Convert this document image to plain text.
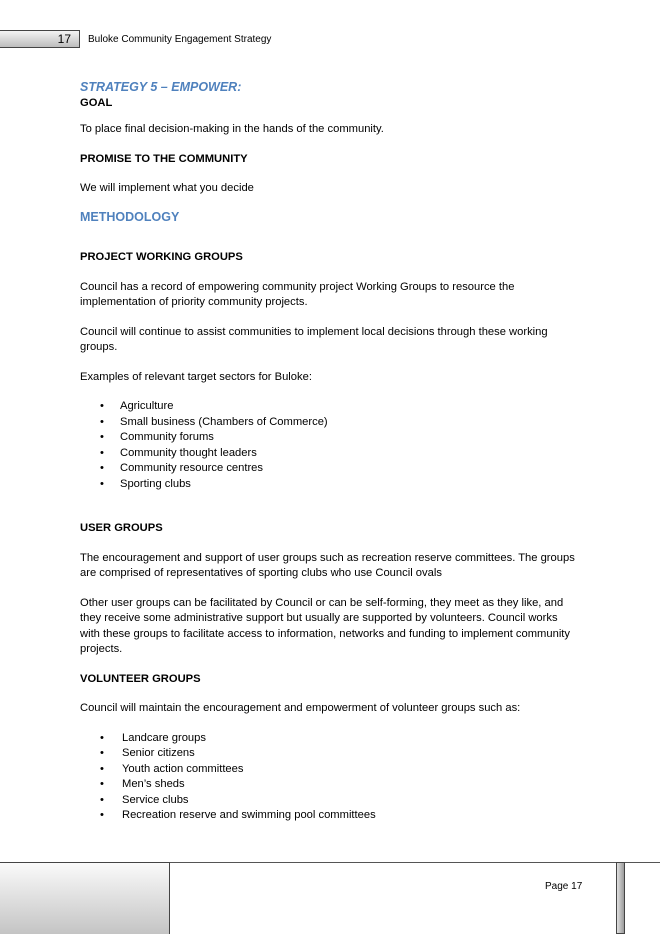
17 Buloke Community Engagement Strategy

STRATEGY 5 – EMPOWER:

GOAL

To place final decision-making in the hands of the community.

PROMISE TO THE COMMUNITY

We will implement what you decide

METHODOLOGY

PROJECT WORKING GROUPS

Council has a record of empowering community project Working Groups to resource the implementation of priority community projects.

Council will continue to assist communities to implement local decisions through these working groups.

Examples of relevant target sectors for Buloke:

• Agriculture
• Small business (Chambers of Commerce)
• Community forums
• Community thought leaders
• Community resource centres
• Sporting clubs

USER GROUPS

The encouragement and support of user groups such as recreation reserve committees. The groups are comprised of representatives of sporting clubs who use Council ovals

Other user groups can be facilitated by Council or can be self-forming, they meet as they like, and they receive some administrative support but usually are supported by volunteers. Council works with these groups to facilitate access to information, networks and funding to implement community projects.

VOLUNTEER GROUPS

Council will maintain the encouragement and empowerment of volunteer groups such as:

• Landcare groups
• Senior citizens
• Youth action committees
• Men’s sheds
• Service clubs
• Recreation reserve and swimming pool committees
Page 17
